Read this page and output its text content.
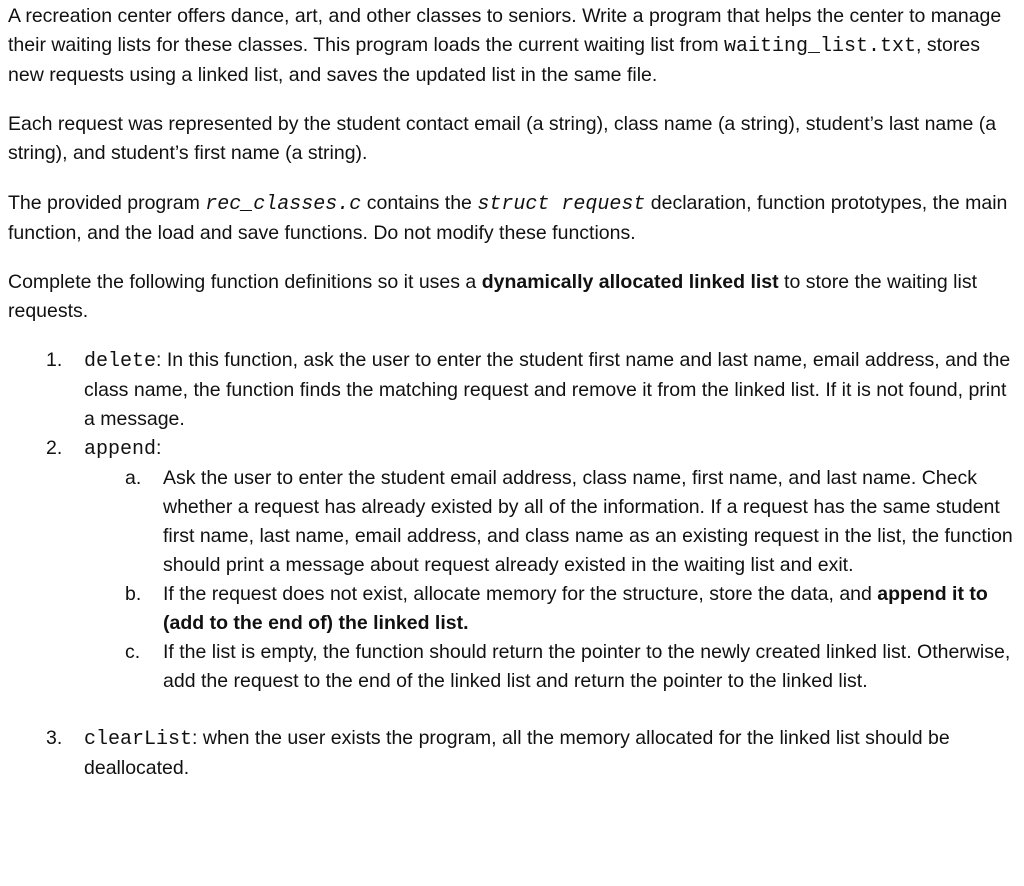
A recreation center offers dance, art, and other classes to seniors. Write a program that helps the center to manage their waiting lists for these classes. This program loads the current waiting list from waiting_list.txt, stores new requests using a linked list, and saves the updated list in the same file.

Each request was represented by the student contact email (a string), class name (a string), student’s last name (a string), and student’s first name (a string).

The provided program rec_classes.c contains the struct request declaration, function prototypes, the main function, and the load and save functions. Do not modify these functions.

Complete the following function definitions so it uses a dynamically allocated linked list to store the waiting list requests.

1. delete: In this function, ask the user to enter the student first name and last name, email address, and the class name, the function finds the matching request and remove it from the linked list. If it is not found, print a message.
2. append:
a. Ask the user to enter the student email address, class name, first name, and last name. Check whether a request has already existed by all of the information. If a request has the same student first name, last name, email address, and class name as an existing request in the list, the function should print a message about request already existed in the waiting list and exit.
b. If the request does not exist, allocate memory for the structure, store the data, and append it to (add to the end of) the linked list.
c. If the list is empty, the function should return the pointer to the newly created linked list. Otherwise, add the request to the end of the linked list and return the pointer to the linked list.
3. clearList: when the user exists the program, all the memory allocated for the linked list should be deallocated.
